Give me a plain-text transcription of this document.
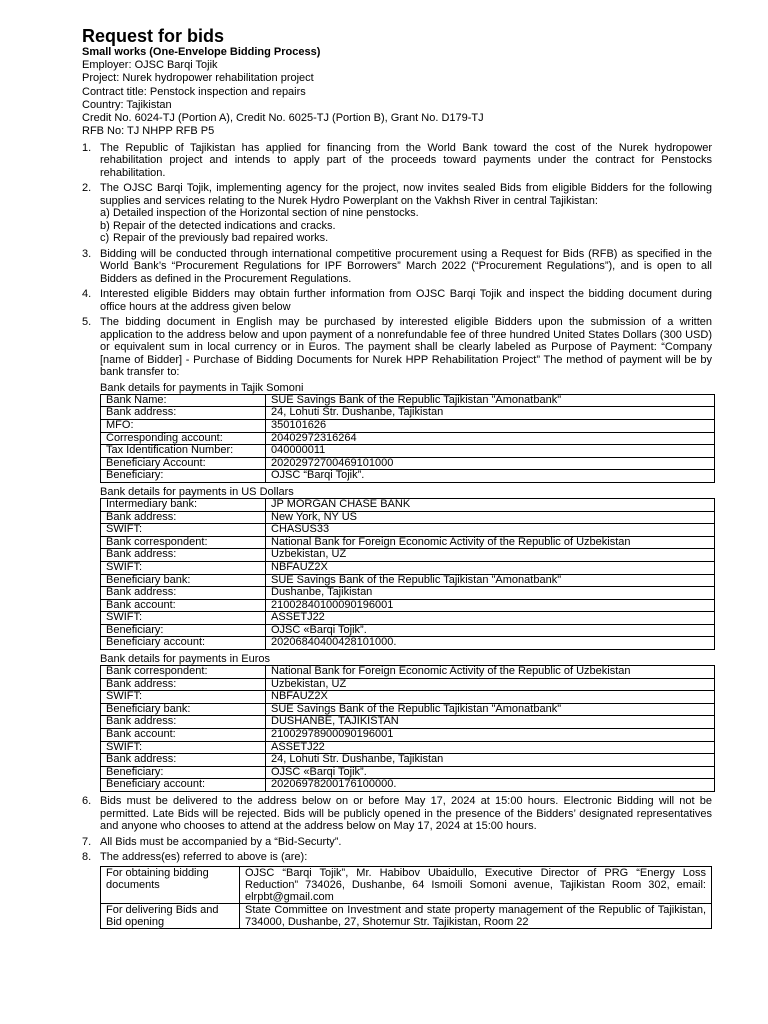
Request for bids
Small works (One-Envelope Bidding Process)
Employer: OJSC Barqi Tojik
Project: Nurek hydropower rehabilitation project
Contract title: Penstock inspection and repairs
Country: Tajikistan
Credit No. 6024-TJ (Portion A), Credit No. 6025-TJ (Portion B), Grant No. D179-TJ
RFB No: TJ NHPP RFB P5
1. The Republic of Tajikistan has applied for financing from the World Bank toward the cost of the Nurek hydropower rehabilitation project and intends to apply part of the proceeds toward payments under the contract for Penstocks rehabilitation.
2. The OJSC Barqi Tojik, implementing agency for the project, now invites sealed Bids from eligible Bidders for the following supplies and services relating to the Nurek Hydro Powerplant on the Vakhsh River in central Tajikistan:
a) Detailed inspection of the Horizontal section of nine penstocks.
b) Repair of the detected indications and cracks.
c) Repair of the previously bad repaired works.
3. Bidding will be conducted through international competitive procurement using a Request for Bids (RFB) as specified in the World Bank’s “Procurement Regulations for IPF Borrowers” March 2022 (“Procurement Regulations”), and is open to all Bidders as defined in the Procurement Regulations.
4. Interested eligible Bidders may obtain further information from OJSC Barqi Tojik and inspect the bidding document during office hours at the address given below
5. The bidding document in English may be purchased by interested eligible Bidders upon the submission of a written application to the address below and upon payment of a nonrefundable fee of three hundred United States Dollars (300 USD) or equivalent sum in local currency or in Euros. The payment shall be clearly labeled as Purpose of Payment: “Company [name of Bidder] - Purchase of Bidding Documents for Nurek HPP Rehabilitation Project” The method of payment will be by bank transfer to:
Bank details for payments in Tajik Somoni
Bank Name:	SUE Savings Bank of the Republic Tajikistan "Amonatbank"
Bank address:	24, Lohuti Str. Dushanbe, Tajikistan
MFO:	350101626
Corresponding account:	20402972316264
Tax Identification Number:	040000011
Beneficiary Account:	20202972700469101000
Beneficiary:	OJSC “Barqi Tojik”.
Bank details for payments in US Dollars
Intermediary bank:	JP MORGAN CHASE BANK
Bank address:	New York, NY US
SWIFT:	CHASUS33
Bank correspondent:	National Bank for Foreign Economic Activity of the Republic of Uzbekistan
Bank address:	Uzbekistan, UZ
SWIFT:	NBFAUZ2X
Beneficiary bank:	SUE Savings Bank of the Republic Tajikistan "Amonatbank"
Bank address:	Dushanbe, Tajikistan
Bank account:	21002840100090196001
SWIFT:	ASSETJ22
Beneficiary:	OJSC «Barqi Tojik”.
Beneficiary account:	20206840400428101000.
Bank details for payments in Euros
Bank correspondent:	National Bank for Foreign Economic Activity of the Republic of Uzbekistan
Bank address:	Uzbekistan, UZ
SWIFT:	NBFAUZ2X
Beneficiary bank:	SUE Savings Bank of the Republic Tajikistan "Amonatbank"
Bank address:	DUSHANBE, TAJIKISTAN
Bank account:	21002978900090196001
SWIFT:	ASSETJ22
Bank address:	24, Lohuti Str. Dushanbe, Tajikistan
Beneficiary:	OJSC «Barqi Tojik”.
Beneficiary account:	20206978200176100000.
6. Bids must be delivered to the address below on or before May 17, 2024 at 15:00 hours. Electronic Bidding will not be permitted. Late Bids will be rejected. Bids will be publicly opened in the presence of the Bidders’ designated representatives and anyone who chooses to attend at the address below on May 17, 2024 at 15:00 hours.
7. All Bids must be accompanied by a “Bid-Securty”.
8. The address(es) referred to above is (are):
For obtaining bidding documents	OJSC “Barqi Tojik”, Mr. Habibov Ubaidullo, Executive Director of PRG “Energy Loss Reduction” 734026, Dushanbe, 64 Ismoili Somoni avenue, Tajikistan Room 302, email: elrpbt@gmail.com
For delivering Bids and Bid opening	State Committee on Investment and state property management of the Republic of Tajikistan, 734000, Dushanbe, 27, Shotemur Str. Tajikistan, Room 22
